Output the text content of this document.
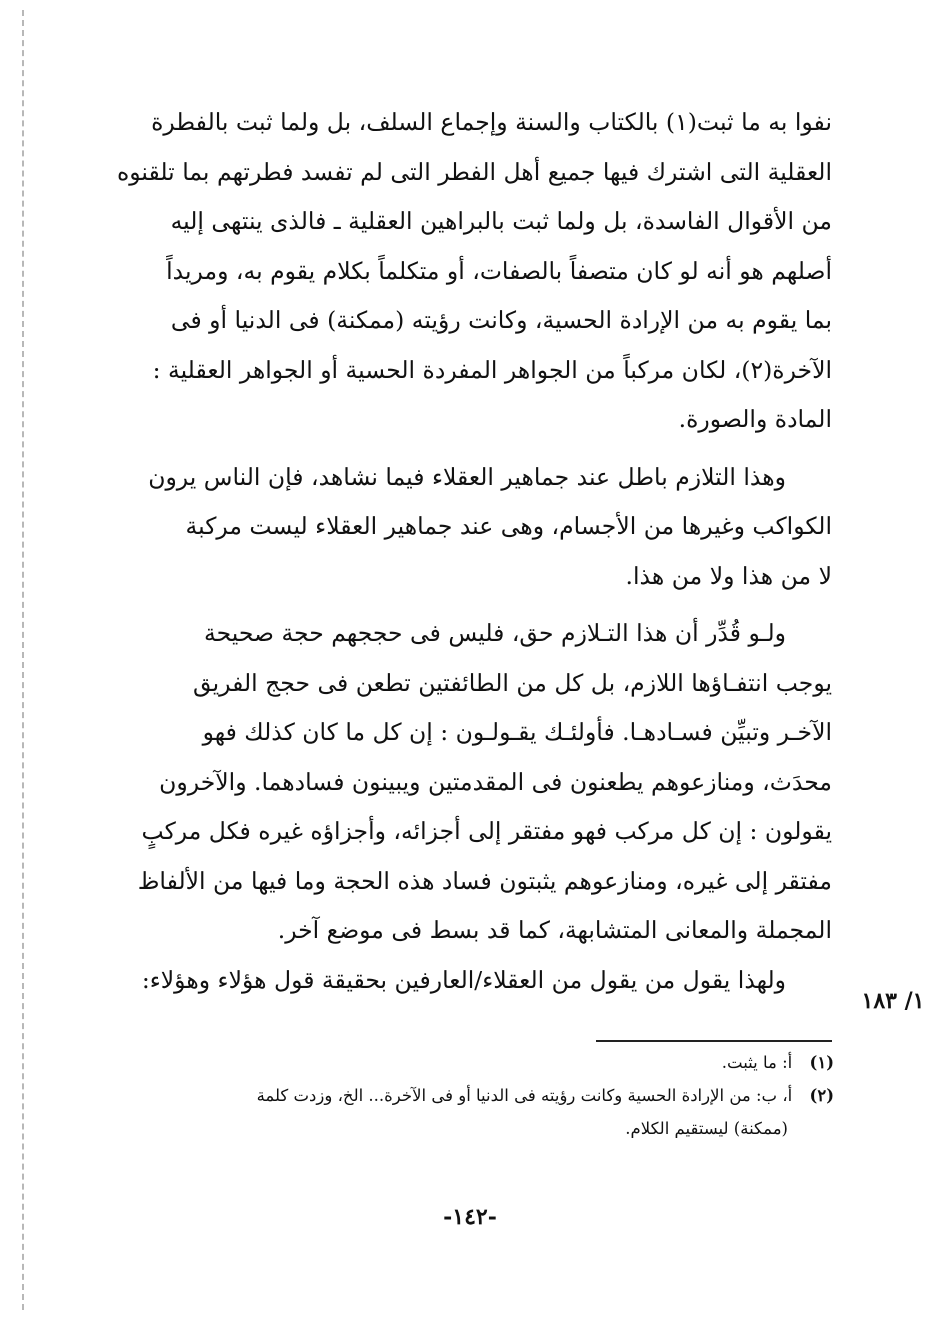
نفوا به ما ثبت(١) بالكتاب والسنة وإجماع السلف، بل ولما ثبت بالفطرة
العقلية التى اشترك فيها جميع أهل الفطر التى لم تفسد فطرتهم بما تلقنوه
من الأقوال الفاسدة، بل ولما ثبت بالبراهين العقلية ـ فالذى ينتهى إليه
أصلهم هو أنه لو كان متصفاً بالصفات، أو متكلماً بكلام يقوم به، ومريداً
بما يقوم به من الإرادة الحسية، وكانت رؤيته (ممكنة) فى الدنيا أو فى
الآخرة(٢)، لكان مركباً من الجواهر المفردة الحسية أو الجواهر العقلية :
المادة والصورة.
وهذا التلازم باطل عند جماهير العقلاء فيما نشاهد، فإن الناس يرون
الكواكب وغيرها من الأجسام، وهى عند جماهير العقلاء ليست مركبة
لا من هذا ولا من هذا.
ولـو قُدِّر أن هذا التـلازم حق، فليس فى حججهم حجة صحيحة
يوجب انتفـاؤها اللازم، بل كل من الطائفتين تطعن فى حجج الفريق
الآخـر وتبيِّن فسـادهـا. فأولئـك يقـولـون : إن كل ما كان كذلك فهو
محدَث، ومنازعوهم يطعنون فى المقدمتين ويبينون فسادهما. والآخرون
يقولون : إن كل مركب فهو مفتقر إلى أجزائه، وأجزاؤه غيره فكل مركبٍ
مفتقر إلى غيره، ومنازعوهم يثبتون فساد هذه الحجة وما فيها من الألفاظ
المجملة والمعانى المتشابهة، كما قد بسط فى موضع آخر.
ولهذا يقول من يقول من العقلاء/العارفين بحقيقة قول هؤلاء وهؤلاء:
١/ ١٨٣
(١) أ: ما يثبت.
(٢) أ، ب: من الإرادة الحسية وكانت رؤيته فى الدنيا أو فى الآخرة... الخ، وزدت كلمة
(ممكنة) ليستقيم الكلام.
-١٤٢-
